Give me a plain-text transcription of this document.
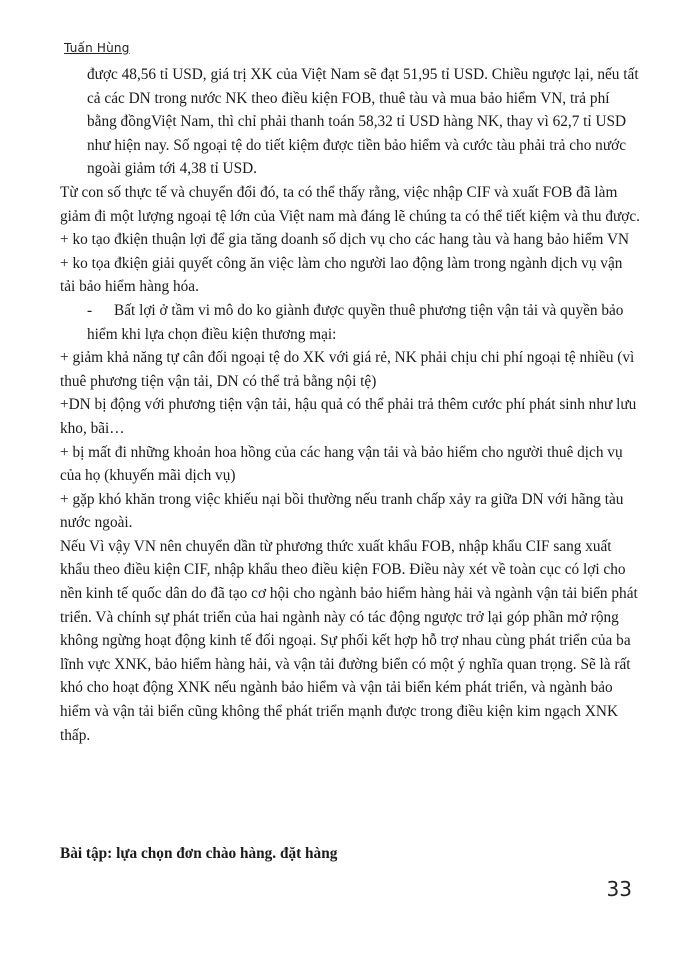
Tuấn Hùng

được 48,56 tỉ USD, giá trị XK của Việt Nam sẽ đạt 51,95 tỉ USD. Chiều ngược lại, nếu tất cả các DN trong nước NK theo điều kiện FOB, thuê tàu và mua bảo hiểm VN, trả phí bằng đồngViệt Nam, thì chỉ phải thanh toán 58,32 tỉ USD hàng NK, thay vì 62,7 tỉ USD như hiện nay. Số ngoại tệ do tiết kiệm được tiền bảo hiểm và cước tàu phải trả cho nước ngoài giảm tới 4,38 tỉ USD.

Từ con số thực tế và chuyển đổi đó, ta có thể thấy rằng, việc nhập CIF và xuất FOB đã làm giảm đi một lượng ngoại tệ lớn của Việt nam mà đáng lẽ chúng ta có thể tiết kiệm và thu được.

+ ko tạo đkiện thuận lợi để gia tăng doanh số dịch vụ cho các hang tàu và hang bảo hiểm VN

+ ko tọa đkiện giải quyết công ăn việc làm cho người lao động làm trong ngành dịch vụ vận tải bảo hiểm hàng hóa.

- Bất lợi ở tầm vi mô do ko giành được quyền thuê phương tiện vận tải và quyền bảo hiểm khi lựa chọn điều kiện thương mại:

+ giảm khả năng tự cân đối ngoại tệ do XK với giá rẻ, NK phải chịu chi phí ngoại tệ nhiều (vì thuê phương tiện vận tải, DN có thể trả bằng nội tệ)

+DN bị động với phương tiện vận tải, hậu quả có thể phải trả thêm cước phí phát sinh như lưu kho, bãi…

+ bị mất đi những khoản hoa hồng của các hang vận tải và bảo hiểm cho người thuê dịch vụ của họ (khuyến mãi dịch vụ)

+ gặp khó khăn trong việc khiếu nại bồi thường nếu tranh chấp xảy ra giữa DN với hãng tàu nước ngoài.

Nếu Vì vậy VN nên chuyển dần từ phương thức xuất khẩu FOB, nhập khẩu CIF sang xuất khẩu theo điều kiện CIF, nhập khẩu theo điều kiện FOB. Điều này xét về toàn cục có lợi cho nền kinh tế quốc dân do đã tạo cơ hội cho ngành bảo hiểm hàng hải và ngành vận tải biển phát triển. Và chính sự phát triển của hai ngành này có tác động ngược trở lại góp phần mở rộng không ngừng hoạt động kinh tế đối ngoại. Sự phối kết hợp hỗ trợ nhau cùng phát triển của ba lĩnh vực XNK, bảo hiểm hàng hải, và vận tải đường biển có một ý nghĩa quan trọng. Sẽ là rất khó cho hoạt động XNK nếu ngành bảo hiểm và vận tải biển kém phát triển, và ngành bảo hiểm và vận tải biển cũng không thể phát triển mạnh được trong điều kiện kim ngạch XNK thấp.

Bài tập: lựa chọn đơn chào hàng. đặt hàng
33
